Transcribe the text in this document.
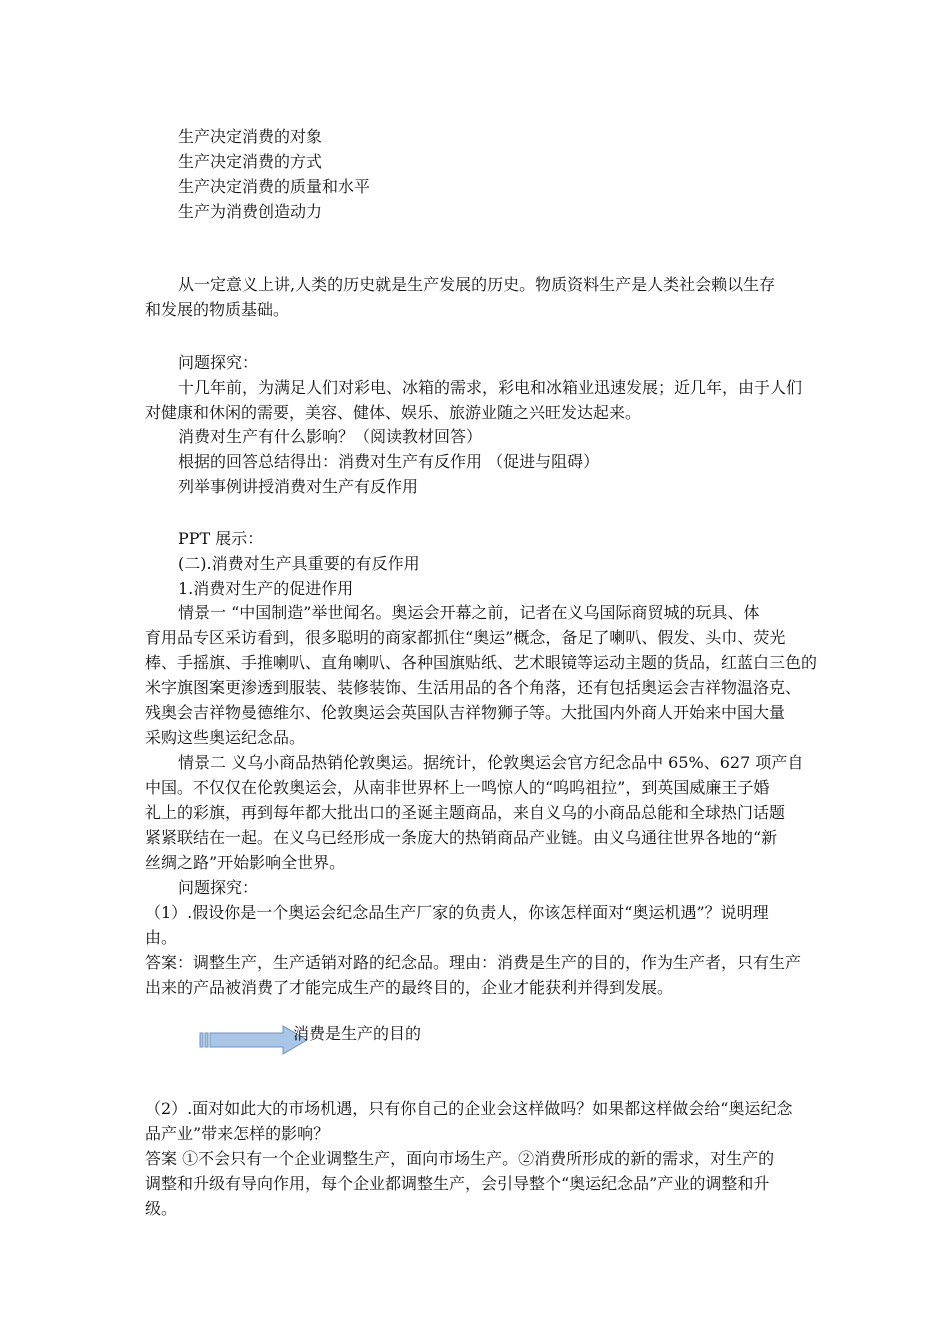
生产决定消费的对象
生产决定消费的方式
生产决定消费的质量和水平
生产为消费创造动力
从一定意义上讲,人类的历史就是生产发展的历史。物质资料生产是人类社会赖以生存
和发展的物质基础。
问题探究：
十几年前，为满足人们对彩电、冰箱的需求，彩电和冰箱业迅速发展；近几年，由于人们
对健康和休闲的需要，美容、健体、娱乐、旅游业随之兴旺发达起来。
消费对生产有什么影响？（阅读教材回答）
根据的回答总结得出：消费对生产有反作用 （促进与阻碍）
列举事例讲授消费对生产有反作用
PPT 展示：
(二).消费对生产具重要的有反作用
1.消费对生产的促进作用
情景一 “中国制造”举世闻名。奥运会开幕之前，记者在义乌国际商贸城的玩具、体
育用品专区采访看到，很多聪明的商家都抓住“奥运”概念，备足了喇叭、假发、头巾、荧光
棒、手摇旗、手推喇叭、直角喇叭、各种国旗贴纸、艺术眼镜等运动主题的货品，红蓝白三色的
米字旗图案更渗透到服装、装修装饰、生活用品的各个角落，还有包括奥运会吉祥物温洛克、
残奥会吉祥物曼德维尔、伦敦奥运会英国队吉祥物狮子等。大批国内外商人开始来中国大量
采购这些奥运纪念品。
情景二 义乌小商品热销伦敦奥运。据统计，伦敦奥运会官方纪念品中 65%、627 项产自
中国。不仅仅在伦敦奥运会，从南非世界杯上一鸣惊人的“呜呜祖拉”，到英国威廉王子婚
礼上的彩旗，再到每年都大批出口的圣诞主题商品，来自义乌的小商品总能和全球热门话题
紧紧联结在一起。在义乌已经形成一条庞大的热销商品产业链。由义乌通往世界各地的“新
丝绸之路”开始影响全世界。
问题探究：
（1）.假设你是一个奥运会纪念品生产厂家的负责人，你该怎样面对“奥运机遇”？说明理
由。
答案：调整生产，生产适销对路的纪念品。理由：消费是生产的目的，作为生产者，只有生产
出来的产品被消费了才能完成生产的最终目的，企业才能获利并得到发展。
消费是生产的目的
（2）.面对如此大的市场机遇，只有你自己的企业会这样做吗？如果都这样做会给“奥运纪念
品产业”带来怎样的影响？
答案 ①不会只有一个企业调整生产，面向市场生产。②消费所形成的新的需求，对生产的
调整和升级有导向作用，每个企业都调整生产，会引导整个“奥运纪念品”产业的调整和升
级。
